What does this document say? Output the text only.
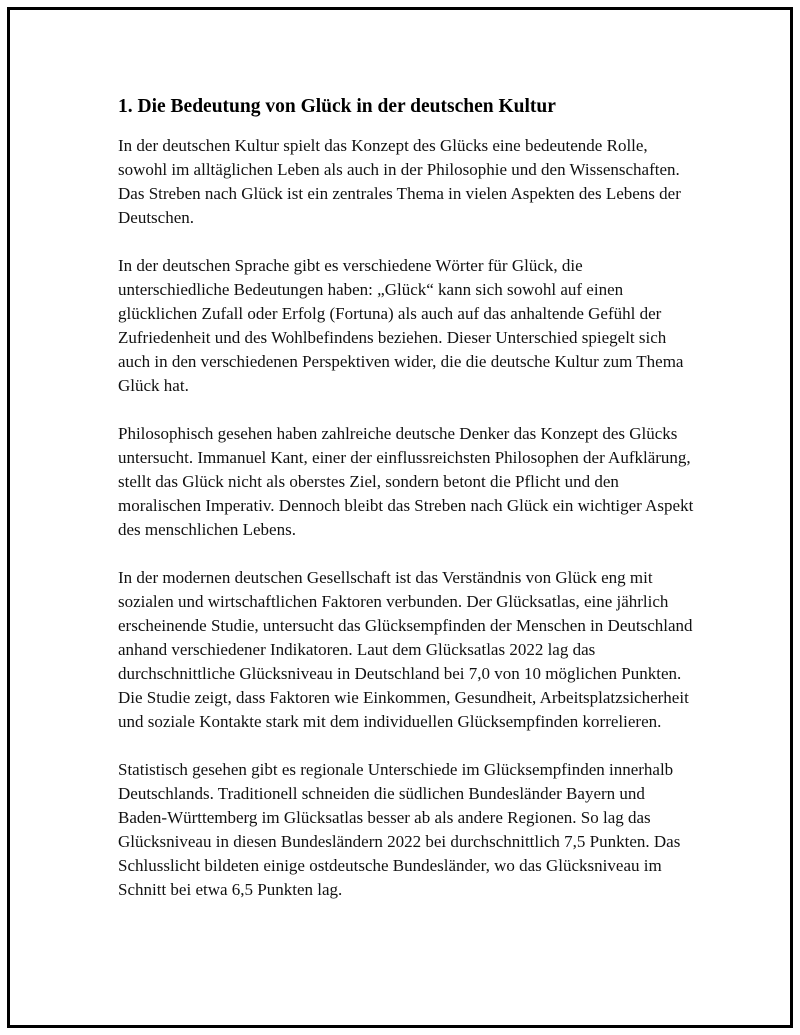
1. Die Bedeutung von Glück in der deutschen Kultur

In der deutschen Kultur spielt das Konzept des Glücks eine bedeutende Rolle, sowohl im alltäglichen Leben als auch in der Philosophie und den Wissenschaften. Das Streben nach Glück ist ein zentrales Thema in vielen Aspekten des Lebens der Deutschen.

In der deutschen Sprache gibt es verschiedene Wörter für Glück, die unterschiedliche Bedeutungen haben: „Glück“ kann sich sowohl auf einen glücklichen Zufall oder Erfolg (Fortuna) als auch auf das anhaltende Gefühl der Zufriedenheit und des Wohlbefindens beziehen. Dieser Unterschied spiegelt sich auch in den verschiedenen Perspektiven wider, die die deutsche Kultur zum Thema Glück hat.

Philosophisch gesehen haben zahlreiche deutsche Denker das Konzept des Glücks untersucht. Immanuel Kant, einer der einflussreichsten Philosophen der Aufklärung, stellt das Glück nicht als oberstes Ziel, sondern betont die Pflicht und den moralischen Imperativ. Dennoch bleibt das Streben nach Glück ein wichtiger Aspekt des menschlichen Lebens.

In der modernen deutschen Gesellschaft ist das Verständnis von Glück eng mit sozialen und wirtschaftlichen Faktoren verbunden. Der Glücksatlas, eine jährlich erscheinende Studie, untersucht das Glücksempfinden der Menschen in Deutschland anhand verschiedener Indikatoren. Laut dem Glücksatlas 2022 lag das durchschnittliche Glücksniveau in Deutschland bei 7,0 von 10 möglichen Punkten. Die Studie zeigt, dass Faktoren wie Einkommen, Gesundheit, Arbeitsplatzsicherheit und soziale Kontakte stark mit dem individuellen Glücksempfinden korrelieren.

Statistisch gesehen gibt es regionale Unterschiede im Glücksempfinden innerhalb Deutschlands. Traditionell schneiden die südlichen Bundesländer Bayern und Baden-Württemberg im Glücksatlas besser ab als andere Regionen. So lag das Glücksniveau in diesen Bundesländern 2022 bei durchschnittlich 7,5 Punkten. Das Schlusslicht bildeten einige ostdeutsche Bundesländer, wo das Glücksniveau im Schnitt bei etwa 6,5 Punkten lag.
